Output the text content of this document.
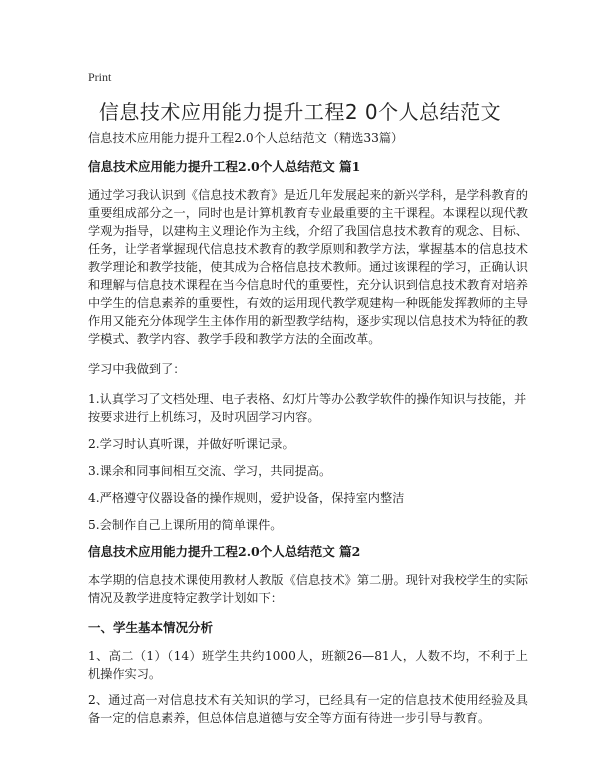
Print
信息技术应用能力提升工程2 0个人总结范文

信息技术应用能力提升工程2.0个人总结范文（精选33篇）

信息技术应用能力提升工程2.0个人总结范文 篇1

通过学习我认识到《信息技术教育》是近几年发展起来的新兴学科，是学科教育的重要组成部分之一，同时也是计算机教育专业最重要的主干课程。本课程以现代教学观为指导，以建构主义理论作为主线，介绍了我国信息技术教育的观念、目标、任务，让学者掌握现代信息技术教育的教学原则和教学方法，掌握基本的信息技术教学理论和教学技能，使其成为合格信息技术教师。通过该课程的学习，正确认识和理解与信息技术课程在当今信息时代的重要性，充分认识到信息技术教育对培养中学生的信息素养的重要性，有效的运用现代教学观建构一种既能发挥教师的主导作用又能充分体现学生主体作用的新型教学结构，逐步实现以信息技术为特征的教学模式、教学内容、教学手段和教学方法的全面改革。

学习中我做到了：

1.认真学习了文档处理、电子表格、幻灯片等办公教学软件的操作知识与技能，并按要求进行上机练习，及时巩固学习内容。

2.学习时认真听课，并做好听课记录。

3.课余和同事间相互交流、学习，共同提高。

4.严格遵守仪器设备的操作规则，爱护设备，保持室内整洁

5.会制作自己上课所用的简单课件。

信息技术应用能力提升工程2.0个人总结范文 篇2

本学期的信息技术课使用教材人教版《信息技术》第二册。现针对我校学生的实际情况及教学进度特定教学计划如下：

一、学生基本情况分析

1、高二（1）（14）班学生共约1000人，班额26—81人，人数不均，不利于上机操作实习。

2、通过高一对信息技术有关知识的学习，已经具有一定的信息技术使用经验及具备一定的信息素养，但总体信息道德与安全等方面有待进一步引导与教育。
